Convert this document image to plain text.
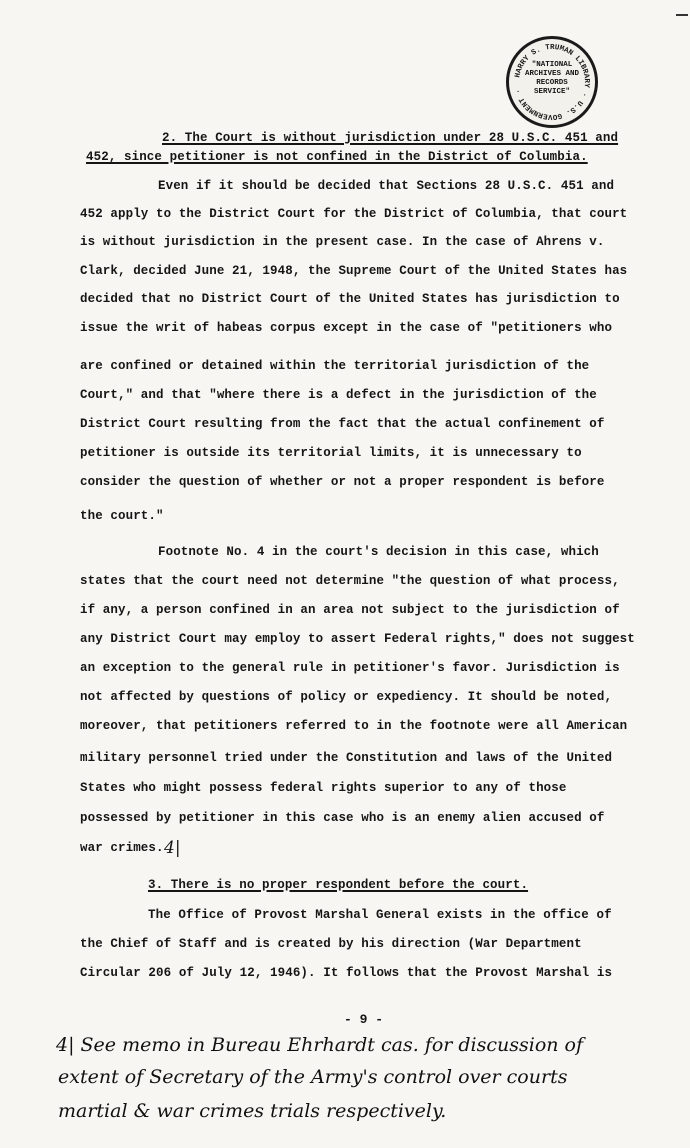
HARRY S. TRUMAN LIBRARY · U.S. GOVERNMENT ·
"NATIONAL ARCHIVES AND RECORDS SERVICE"
2. The Court is without jurisdiction under 28 U.S.C. 451 and
452, since petitioner is not confined in the District of Columbia.
Even if it should be decided that Sections 28 U.S.C. 451 and
452 apply to the District Court for the District of Columbia, that court
is without jurisdiction in the present case. In the case of Ahrens v.
Clark, decided June 21, 1948, the Supreme Court of the United States has
decided that no District Court of the United States has jurisdiction to
issue the writ of habeas corpus except in the case of "petitioners who
are confined or detained within the territorial jurisdiction of the
Court," and that "where there is a defect in the jurisdiction of the
District Court resulting from the fact that the actual confinement of
petitioner is outside its territorial limits, it is unnecessary to
consider the question of whether or not a proper respondent is before
the court."
Footnote No. 4 in the court's decision in this case, which
states that the court need not determine "the question of what process,
if any, a person confined in an area not subject to the jurisdiction of
any District Court may employ to assert Federal rights," does not suggest
an exception to the general rule in petitioner's favor. Jurisdiction is
not affected by questions of policy or expediency. It should be noted,
moreover, that petitioners referred to in the footnote were all American
military personnel tried under the Constitution and laws of the United
States who might possess federal rights superior to any of those
possessed by petitioner in this case who is an enemy alien accused of
war crimes. 4|
3. There is no proper respondent before the court.
The Office of Provost Marshal General exists in the office of
the Chief of Staff and is created by his direction (War Department
Circular 206 of July 12, 1946). It follows that the Provost Marshal is
- 9 -
4| See memo in Bureau Ehrhardt cas. for discussion of
extent of Secretary of the Army's control over courts
martial & war crimes trials respectively.
